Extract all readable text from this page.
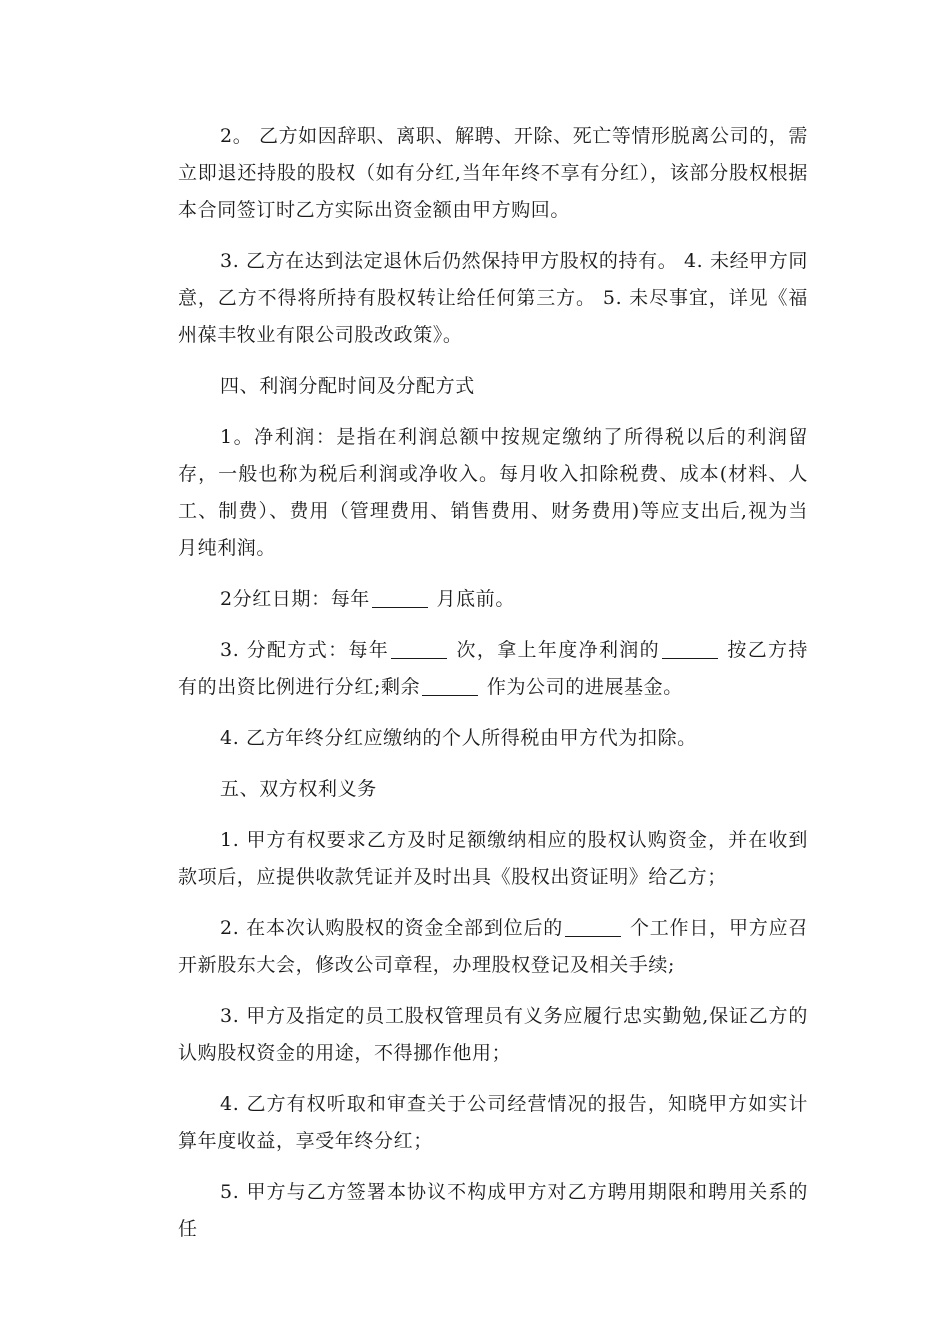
2。 乙方如因辞职、离职、解聘、开除、死亡等情形脱离公司的，需立即退还持股的股权（如有分红,当年年终不享有分红），该部分股权根据本合同签订时乙方实际出资金额由甲方购回。

3. 乙方在达到法定退休后仍然保持甲方股权的持有。 4. 未经甲方同意，乙方不得将所持有股权转让给任何第三方。 5. 未尽事宜，详见《福州葆丰牧业有限公司股改政策》。

四、利润分配时间及分配方式

1。净利润：是指在利润总额中按规定缴纳了所得税以后的利润留存，一般也称为税后利润或净收入。每月收入扣除税费、成本(材料、人工、制费）、费用（管理费用、销售费用、财务费用)等应支出后,视为当月纯利润。

2分红日期：每年	月底前。

3. 分配方式：每年	次，拿上年度净利润的	按乙方持有的出资比例进行分红;剩余	作为公司的进展基金。

4. 乙方年终分红应缴纳的个人所得税由甲方代为扣除。

五、双方权利义务

1. 甲方有权要求乙方及时足额缴纳相应的股权认购资金，并在收到款项后，应提供收款凭证并及时出具《股权出资证明》给乙方；

2. 在本次认购股权的资金全部到位后的	个工作日，甲方应召开新股东大会，修改公司章程，办理股权登记及相关手续;

3. 甲方及指定的员工股权管理员有义务应履行忠实勤勉,保证乙方的认购股权资金的用途，不得挪作他用；

4. 乙方有权听取和审查关于公司经营情况的报告，知晓甲方如实计算年度收益，享受年终分红；

5. 甲方与乙方签署本协议不构成甲方对乙方聘用期限和聘用关系的任
